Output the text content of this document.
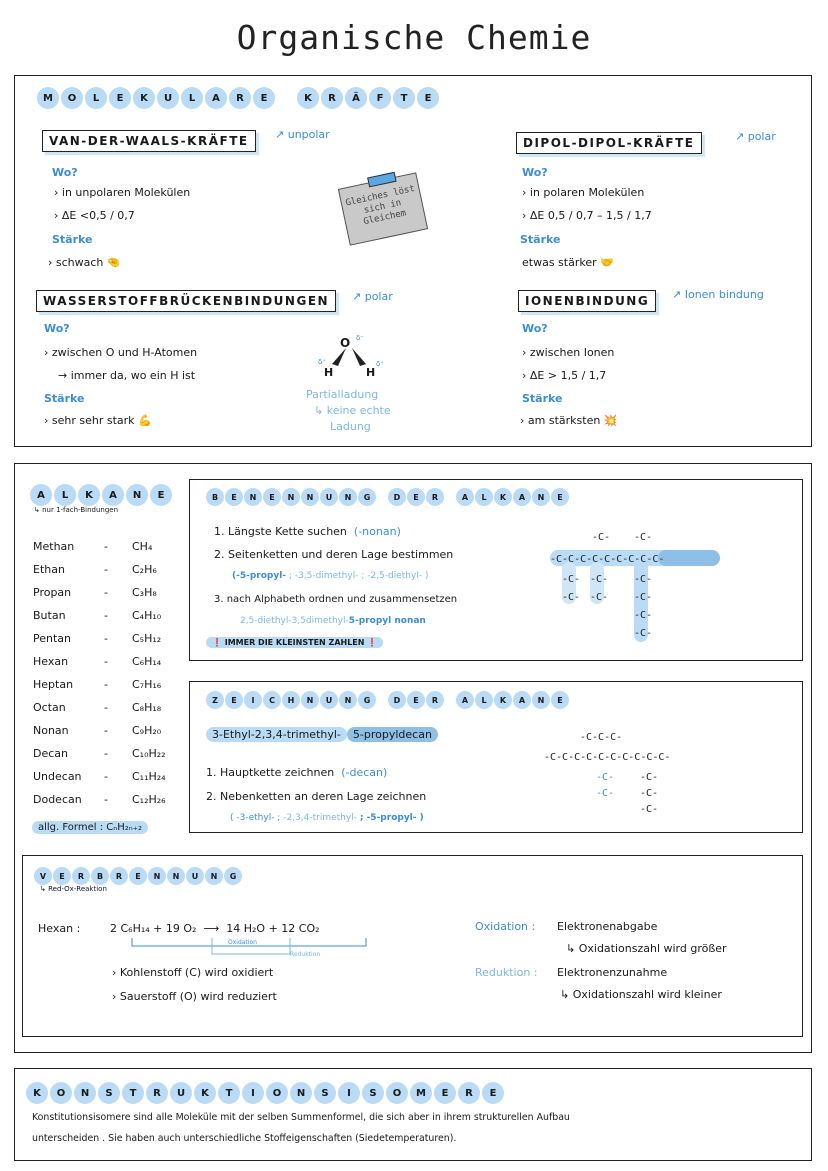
Organische Chemie
M	O	L	E	K	U	L	A	R	E	K	R	Ä	F	T	E
VAN-DER-WAALS-KRÄFTE	↗ unpolar
Wo?
› in unpolaren Molekülen
› ΔE <0,5 / 0,7
Stärke
› schwach 🤏
Gleiches löst sich in Gleichem
DIPOL-DIPOL-KRÄFTE	↗ polar
Wo?
› in polaren Molekülen
› ΔE 0,5 / 0,7 – 1,5 / 1,7
Stärke
etwas stärker 🤝
WASSERSTOFFBRÜCKENBINDUNGEN	↗ polar
Wo?
› zwischen O und H-Atomen
→ immer da, wo ein H ist
Stärke
› sehr sehr stark 💪
O δ⁻
H
δ⁺
H
δ⁺
Partialladung
↳ keine echte
Ladung
IONENBINDUNG	↗ Ionen bindung
Wo?
› zwischen Ionen
› ΔE > 1,5 / 1,7
Stärke
› am stärksten 💥
A	L	K	A	N	E
↳ nur 1-fach-Bindungen
Methan	- CH₄
Ethan	- C₂H₆
Propan	- C₃H₈
Butan	- C₄H₁₀
Pentan	- C₅H₁₂
Hexan	- C₆H₁₄
Heptan	- C₇H₁₆
Octan	- C₈H₁₈
Nonan	- C₉H₂₀
Decan	- C₁₀H₂₂
Undecan - C₁₁H₂₄
Dodecan - C₁₂H₂₆
allg. Formel : CₙH₂ₙ₊₂
B	E	N	E	N	N	U	N	G	D	E	R	A	L	K	A	N	E
1. Längste Kette suchen (-nonan)
2. Seitenketten und deren Lage bestimmen
(-5-propyl- ; -3,5-dimethyl- ; -2,5-diethyl- )
3. nach Alphabeth ordnen und zusammensetzen
2,5-diethyl-3,5dimethyl-5-propyl nonan
❗ IMMER DIE KLEINSTEN ZAHLEN ❗
-C-C-C-C-C-C-C-C-C-
-C- -C-
-C- -C-
-C- -C-
-C-
-C-
-C-
-C-
Z	E	I	C	H	N	U	N	G	D	E	R	A	L	K	A	N	E
3-Ethyl-2,3,4-trimethyl- 5-propyldecan
1. Hauptkette zeichnen (-decan)
2. Nebenketten an deren Lage zeichnen
( -3-ethyl- ; -2,3,4-trimethyl- ; -5-propyl- )
-C-C-C-
-C-C-C-C-C-C-C-C-C-C-
-C-
-C-
-C-
-C-
-C-
V	E	R	B	R	E	N	N	U	N	G
↳ Red-Ox-Reaktion
Hexan :	2 C₆H₁₄ + 19 O₂ ⟶ 14 H₂O + 12 CO₂
Oxidation
Reduktion
› Kohlenstoff (C) wird oxidiert
› Sauerstoff (O) wird reduziert
Oxidation : Elektronenabgabe
↳ Oxidationszahl wird größer
Reduktion : Elektronenzunahme
↳ Oxidationszahl wird kleiner
K	O	N	S	T	R	U	K	T	I	O	N	S	I	S	O	M	E	R	E
Konstitutionsisomere sind alle Moleküle mit der selben Summenformel, die sich aber in ihrem strukturellen Aufbau
unterscheiden . Sie haben auch unterschiedliche Stoffeigenschaften (Siedetemperaturen).
